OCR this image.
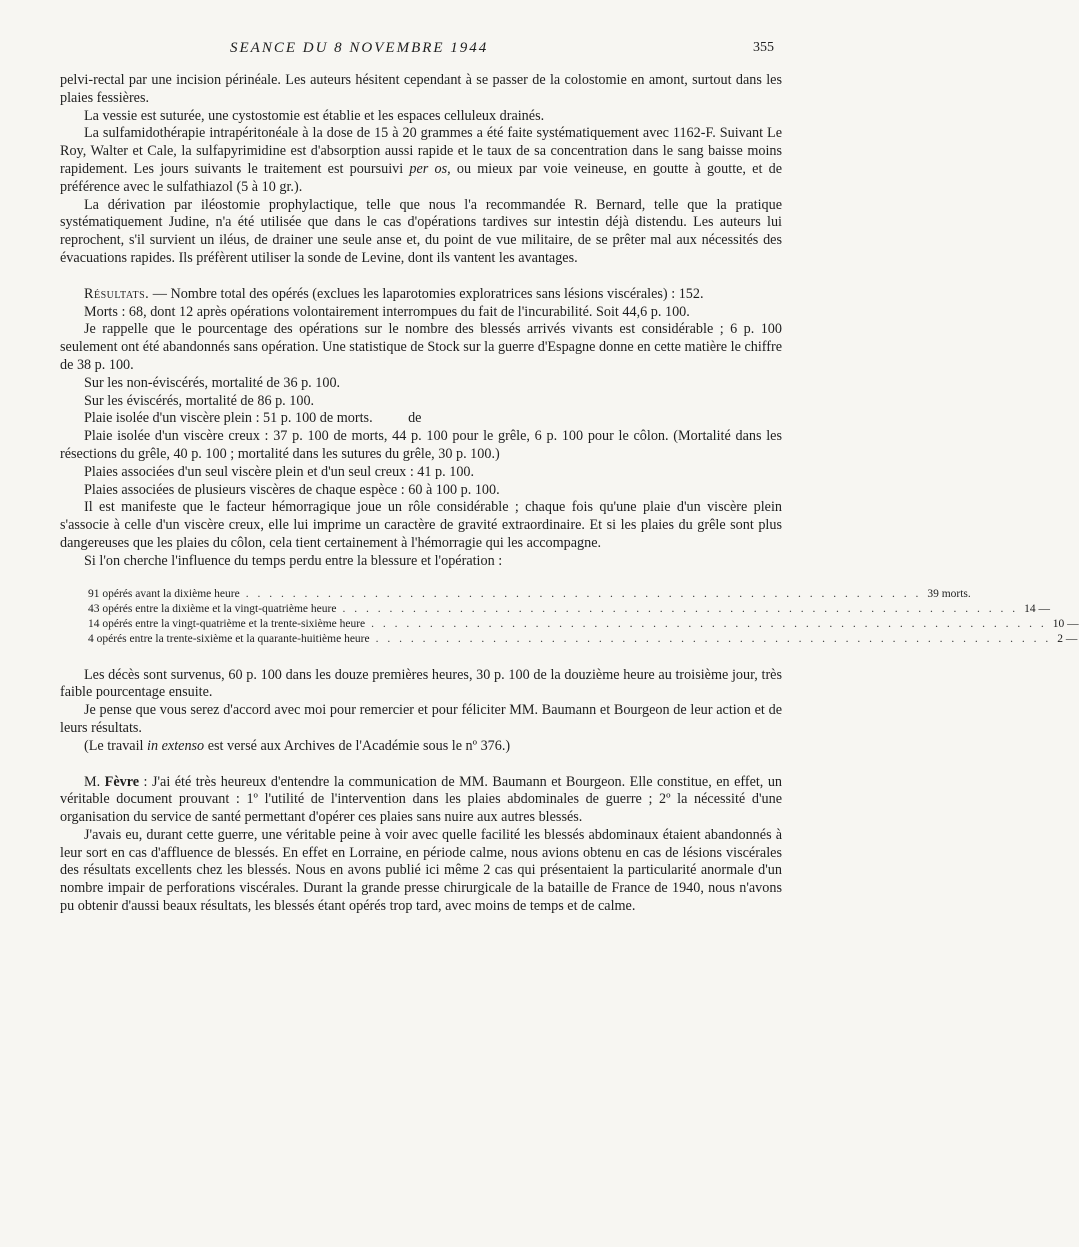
SEANCE DU 8 NOVEMBRE 1944	355

pelvi-rectal par une incision périnéale. Les auteurs hésitent cependant à se passer de la colostomie en amont, surtout dans les plaies fessières.

La vessie est suturée, une cystostomie est établie et les espaces celluleux drainés.

La sulfamidothérapie intrapéritonéale à la dose de 15 à 20 grammes a été faite systématiquement avec 1162-F. Suivant Le Roy, Walter et Cale, la sulfapyrimidine est d'absorption aussi rapide et le taux de sa concentration dans le sang baisse moins rapidement. Les jours suivants le traitement est poursuivi per os, ou mieux par voie veineuse, en goutte à goutte, et de préférence avec le sulfathiazol (5 à 10 gr.).

La dérivation par iléostomie prophylactique, telle que nous l'a recommandée R. Bernard, telle que la pratique systématiquement Judine, n'a été utilisée que dans le cas d'opérations tardives sur intestin déjà distendu. Les auteurs lui reprochent, s'il survient un iléus, de drainer une seule anse et, du point de vue militaire, de se prêter mal aux nécessités des évacuations rapides. Ils préfèrent utiliser la sonde de Levine, dont ils vantent les avantages.

Résultats. — Nombre total des opérés (exclues les laparotomies exploratrices sans lésions viscérales) : 152.

Morts : 68, dont 12 après opérations volontairement interrompues du fait de l'incurabilité. Soit 44,6 p. 100.

Je rappelle que le pourcentage des opérations sur le nombre des blessés arrivés vivants est considérable ; 6 p. 100 seulement ont été abandonnés sans opération. Une statistique de Stock sur la guerre d'Espagne donne en cette matière le chiffre de 38 p. 100.

Sur les non-éviscérés, mortalité de 36 p. 100.

Sur les éviscérés, mortalité de 86 p. 100.

Plaie isolée d'un viscère plein : 51 p. 100 de morts.          de

Plaie isolée d'un viscère creux : 37 p. 100 de morts, 44 p. 100 pour le grêle, 6 p. 100 pour le côlon. (Mortalité dans les résections du grêle, 40 p. 100 ; mortalité dans les sutures du grêle, 30 p. 100.)

Plaies associées d'un seul viscère plein et d'un seul creux : 41 p. 100.

Plaies associées de plusieurs viscères de chaque espèce : 60 à 100 p. 100.

Il est manifeste que le facteur hémorragique joue un rôle considérable ; chaque fois qu'une plaie d'un viscère plein s'associe à celle d'un viscère creux, elle lui imprime un caractère de gravité extraordinaire. Et si les plaies du grêle sont plus dangereuses que les plaies du côlon, cela tient certainement à l'hémorragie qui les accompagne.

Si l'on cherche l'influence du temps perdu entre la blessure et l'opération :

91 opérés avant la dixième heure . . . . . . . . . . . . . . . . . . . . . . . . . . . . . . . . . . . . . . . . . . . . . . . . . . . . . . . . . . 39 morts.
43 opérés entre la dixième et la vingt-quatrième heure . . . . . . . . . . . . . . . . . . . . . . . . . . . . . . . . . . . . . . . . . . . . . . . . . . . . . . . . . . 14 —
14 opérés entre la vingt-quatrième et la trente-sixième heure . . . . . . . . . . . . . . . . . . . . . . . . . . . . . . . . . . . . . . . . . . . . . . . . . . . . . . . . . . 10 —
4 opérés entre la trente-sixième et la quarante-huitième heure . . . . . . . . . . . . . . . . . . . . . . . . . . . . . . . . . . . . . . . . . . . . . . . . . . . . . . . . . . 2 —

Les décès sont survenus, 60 p. 100 dans les douze premières heures, 30 p. 100 de la douzième heure au troisième jour, très faible pourcentage ensuite.

Je pense que vous serez d'accord avec moi pour remercier et pour féliciter MM. Baumann et Bourgeon de leur action et de leurs résultats.

(Le travail in extenso est versé aux Archives de l'Académie sous le nº 376.)

M. Fèvre : J'ai été très heureux d'entendre la communication de MM. Baumann et Bourgeon. Elle constitue, en effet, un véritable document prouvant : 1º l'utilité de l'intervention dans les plaies abdominales de guerre ; 2º la nécessité d'une organisation du service de santé permettant d'opérer ces plaies sans nuire aux autres blessés.

J'avais eu, durant cette guerre, une véritable peine à voir avec quelle facilité les blessés abdominaux étaient abandonnés à leur sort en cas d'affluence de blessés. En effet en Lorraine, en période calme, nous avions obtenu en cas de lésions viscérales des résultats excellents chez les blessés. Nous en avons publié ici même 2 cas qui présentaient la particularité anormale d'un nombre impair de perforations viscérales. Durant la grande presse chirurgicale de la bataille de France de 1940, nous n'avons pu obtenir d'aussi beaux résultats, les blessés étant opérés trop tard, avec moins de temps et de calme.
